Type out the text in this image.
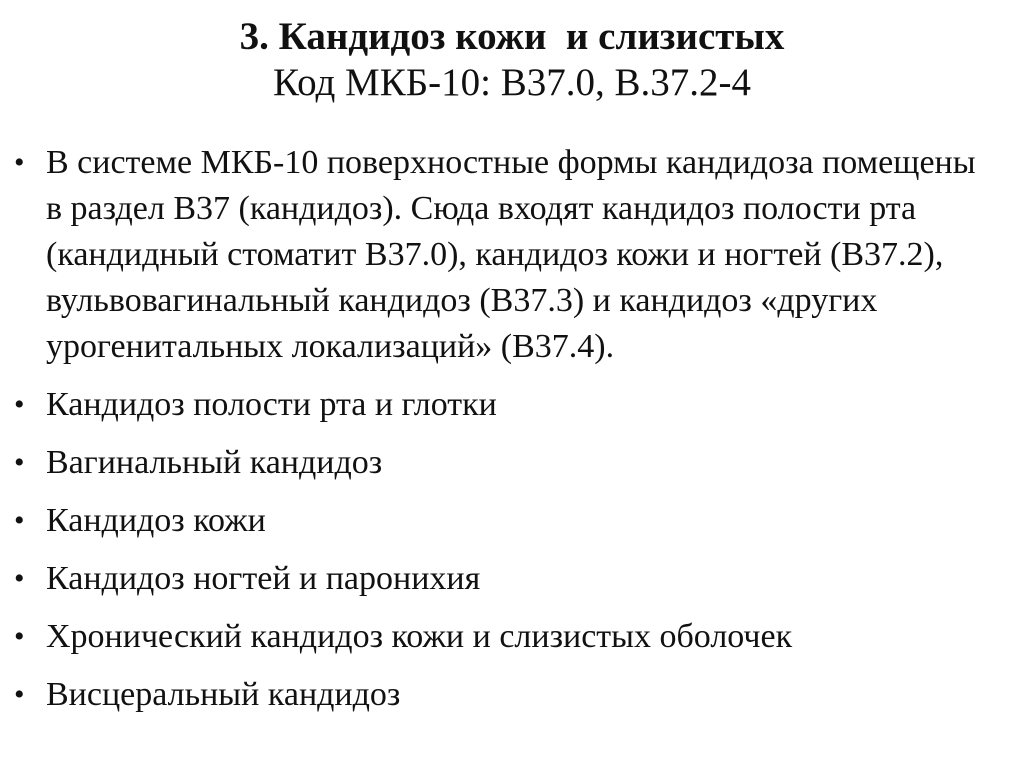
3. Кандидоз кожи  и слизистых
Код МКБ-10: В37.0, В.37.2-4
• В системе МКБ-10 поверхностные формы кандидоза помещены в раздел В37 (кандидоз). Сюда входят кандидоз полости рта (кандидный стоматит В37.0), кандидоз кожи и ногтей (В37.2), вульвовагинальный кандидоз (В37.3) и кандидоз «других урогенитальных локализаций» (В37.4).
• Кандидоз полости рта и глотки
• Вагинальный кандидоз
• Кандидоз кожи
• Кандидоз ногтей и паронихия
• Хронический кандидоз кожи и слизистых оболочек
• Висцеральный кандидоз
